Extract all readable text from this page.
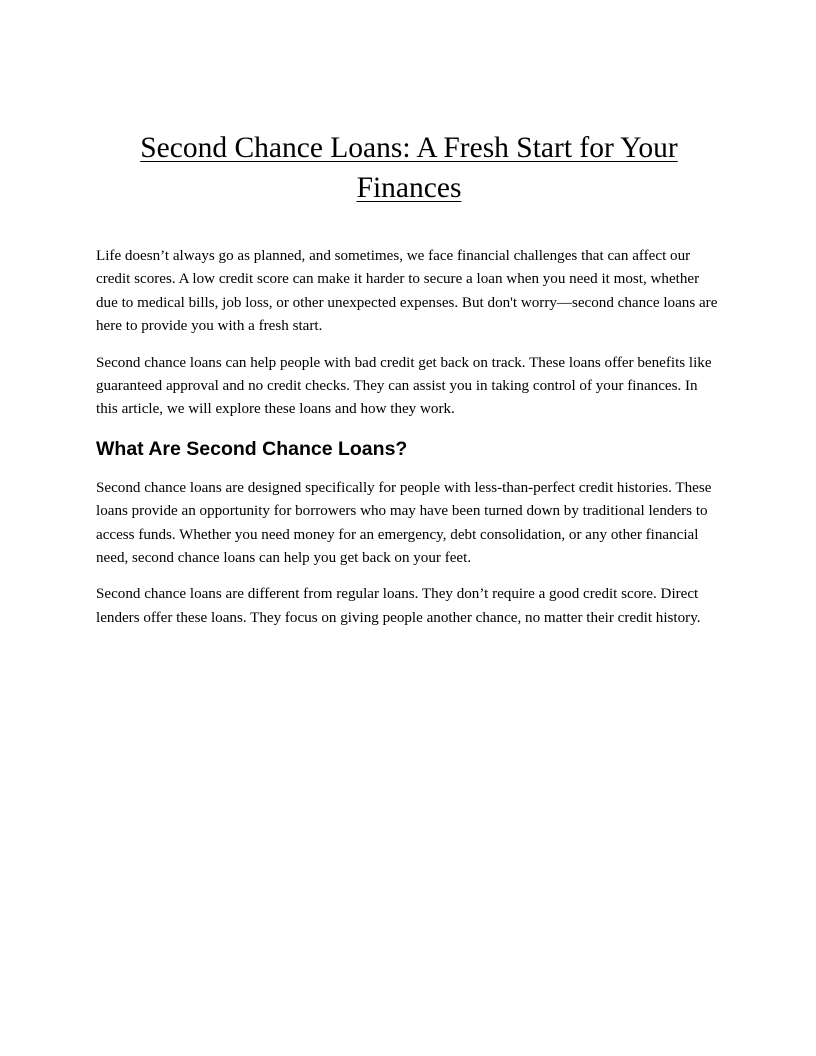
Second Chance Loans: A Fresh Start for Your Finances

Life doesn’t always go as planned, and sometimes, we face financial challenges that can affect our credit scores. A low credit score can make it harder to secure a loan when you need it most, whether due to medical bills, job loss, or other unexpected expenses. But don't worry—second chance loans are here to provide you with a fresh start.

Second chance loans can help people with bad credit get back on track. These loans offer benefits like guaranteed approval and no credit checks. They can assist you in taking control of your finances. In this article, we will explore these loans and how they work.

What Are Second Chance Loans?

Second chance loans are designed specifically for people with less-than-perfect credit histories. These loans provide an opportunity for borrowers who may have been turned down by traditional lenders to access funds. Whether you need money for an emergency, debt consolidation, or any other financial need, second chance loans can help you get back on your feet.

Second chance loans are different from regular loans. They don’t require a good credit score. Direct lenders offer these loans. They focus on giving people another chance, no matter their credit history.
